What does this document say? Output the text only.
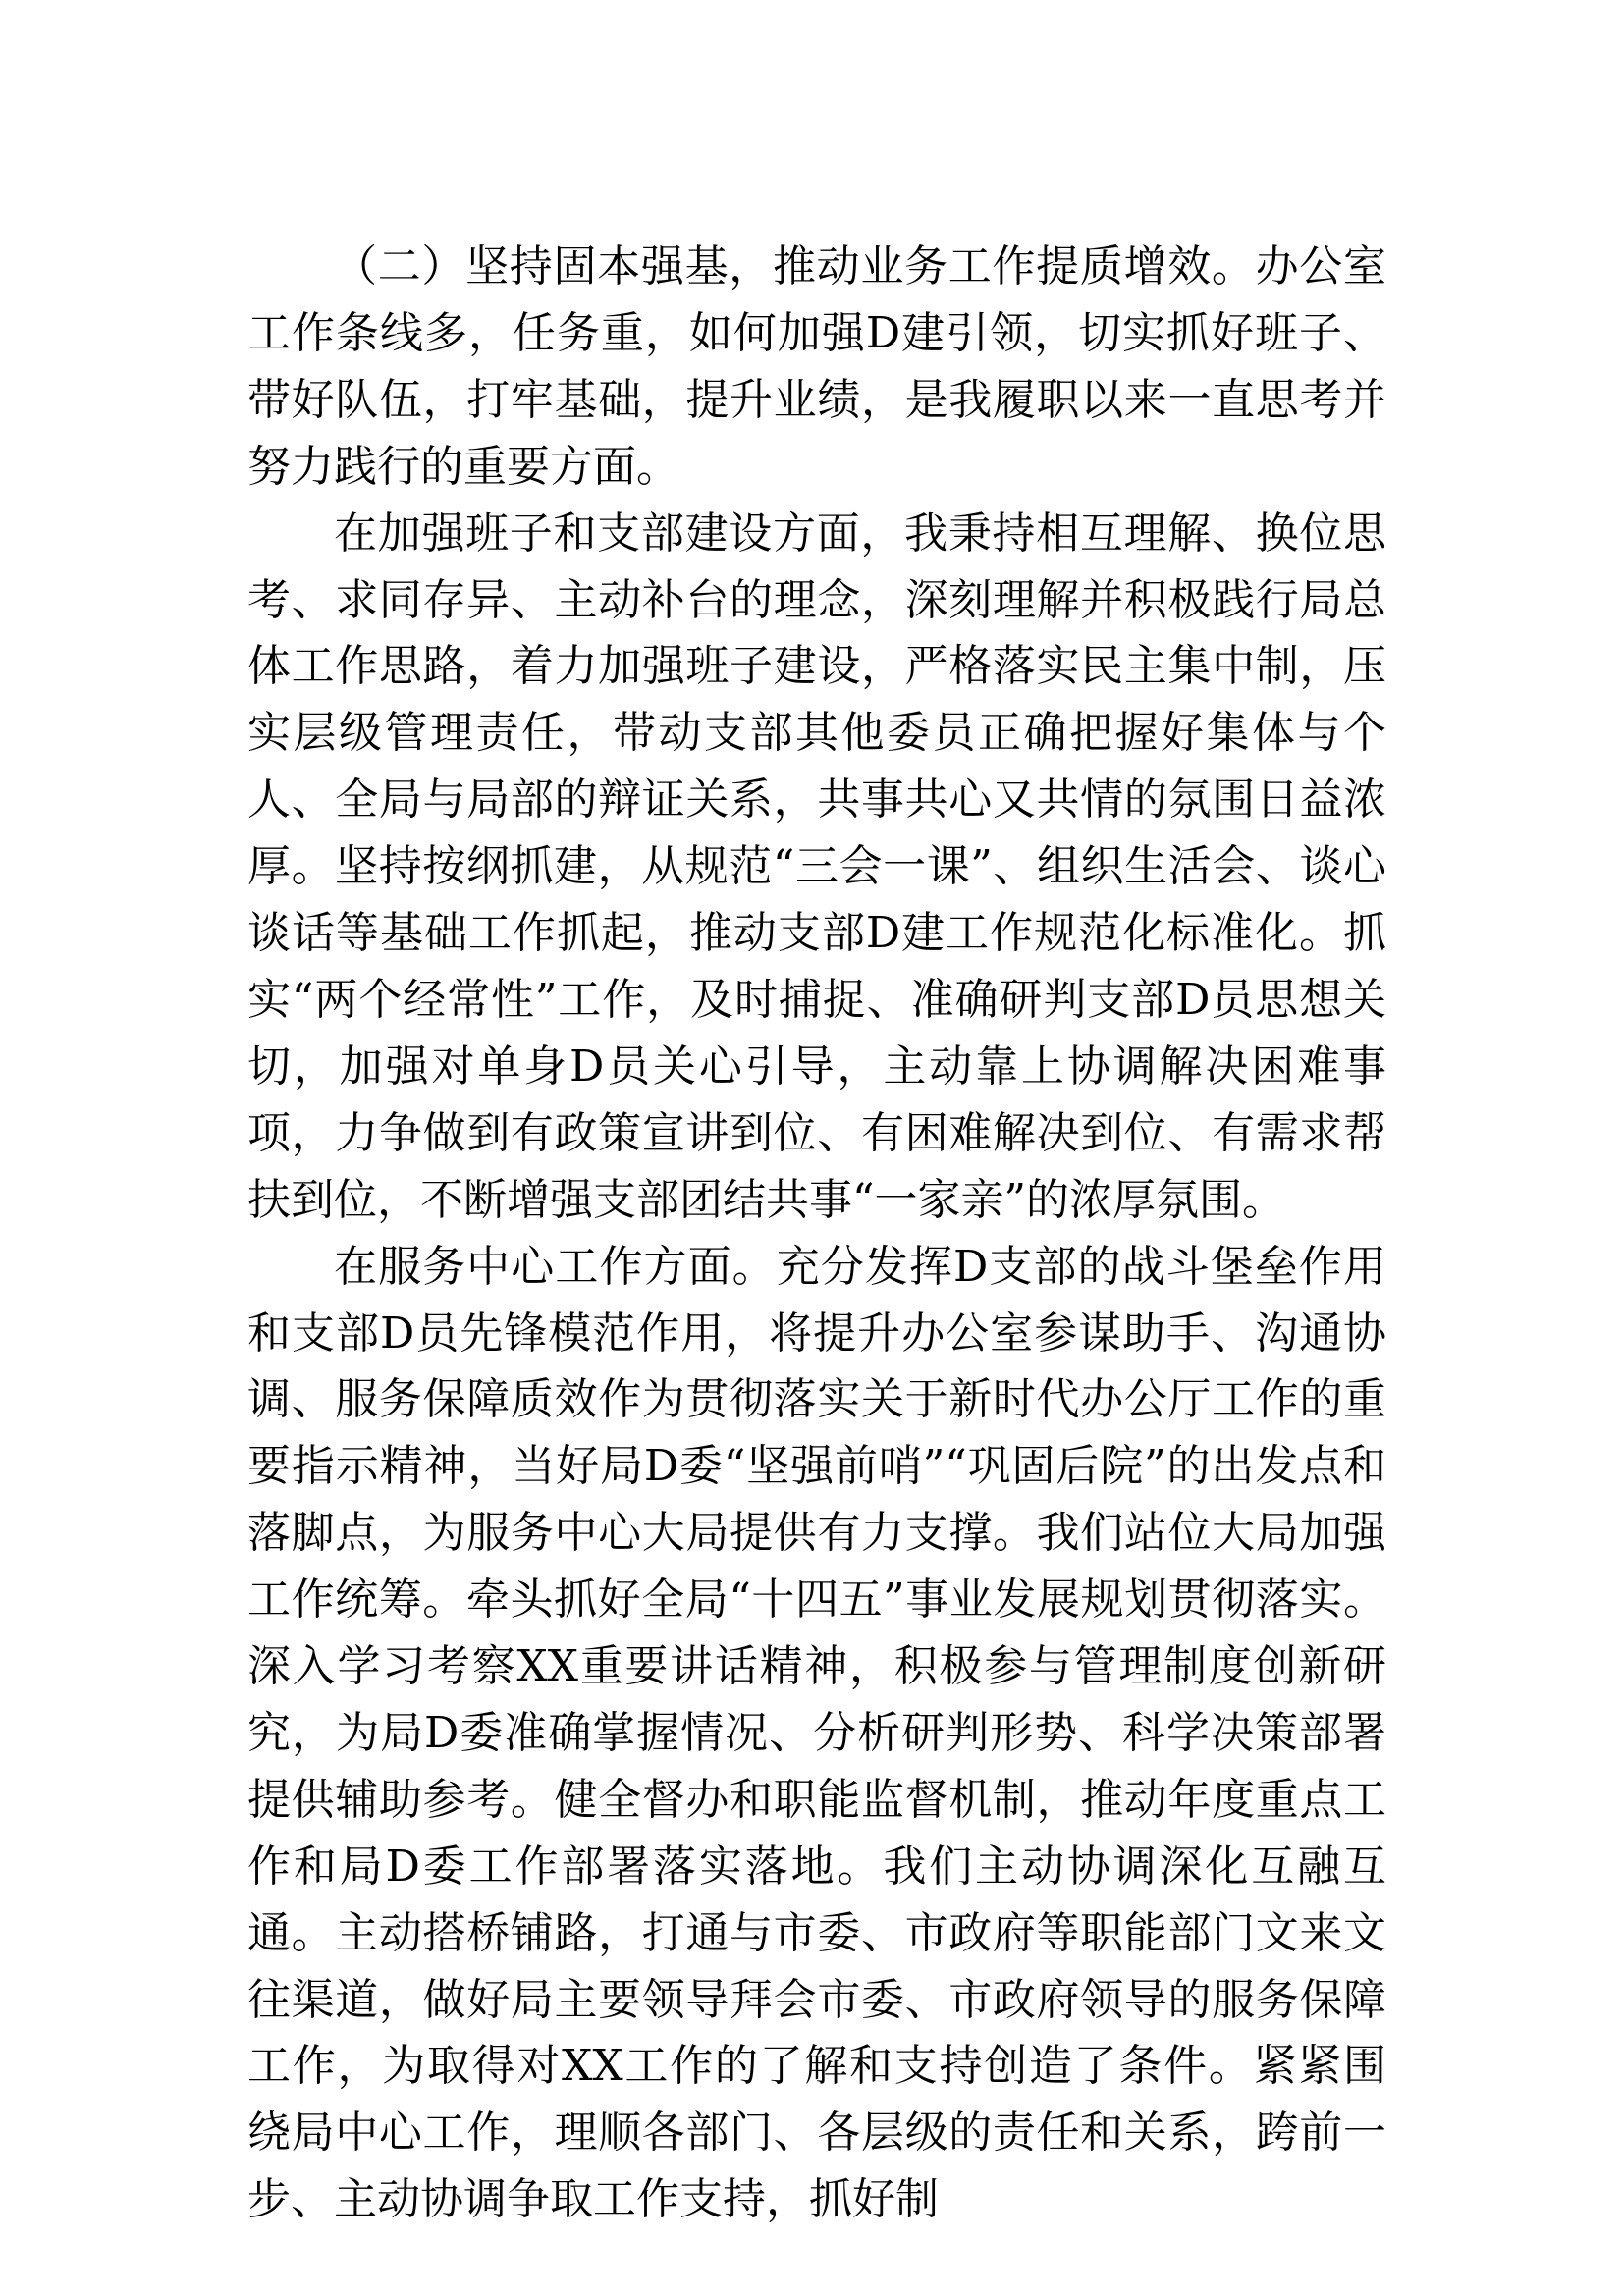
（二）坚持固本强基，推动业务工作提质增效。办公室工作条线多，任务重，如何加强D建引领，切实抓好班子、带好队伍，打牢基础，提升业绩，是我履职以来一直思考并努力践行的重要方面。

在加强班子和支部建设方面，我秉持相互理解、换位思考、求同存异、主动补台的理念，深刻理解并积极践行局总体工作思路，着力加强班子建设，严格落实民主集中制，压实层级管理责任，带动支部其他委员正确把握好集体与个人、全局与局部的辩证关系，共事共心又共情的氛围日益浓厚。坚持按纲抓建，从规范“三会一课”、组织生活会、谈心谈话等基础工作抓起，推动支部D建工作规范化标准化。抓实“两个经常性”工作，及时捕捉、准确研判支部D员思想关切，加强对单身D员关心引导，主动靠上协调解决困难事项，力争做到有政策宣讲到位、有困难解决到位、有需求帮扶到位，不断增强支部团结共事“一家亲”的浓厚氛围。

在服务中心工作方面。充分发挥D支部的战斗堡垒作用和支部D员先锋模范作用，将提升办公室参谋助手、沟通协调、服务保障质效作为贯彻落实关于新时代办公厅工作的重要指示精神，当好局D委“坚强前哨”“巩固后院”的出发点和落脚点，为服务中心大局提供有力支撑。我们站位大局加强工作统筹。牵头抓好全局“十四五”事业发展规划贯彻落实。深入学习考察XX重要讲话精神，积极参与管理制度创新研究，为局D委准确掌握情况、分析研判形势、科学决策部署提供辅助参考。健全督办和职能监督机制，推动年度重点工作和局D委工作部署落实落地。我们主动协调深化互融互通。主动搭桥铺路，打通与市委、市政府等职能部门文来文往渠道，做好局主要领导拜会市委、市政府领导的服务保障工作，为取得对XX工作的了解和支持创造了条件。紧紧围绕局中心工作，理顺各部门、各层级的责任和关系，跨前一步、主动协调争取工作支持，抓好制
